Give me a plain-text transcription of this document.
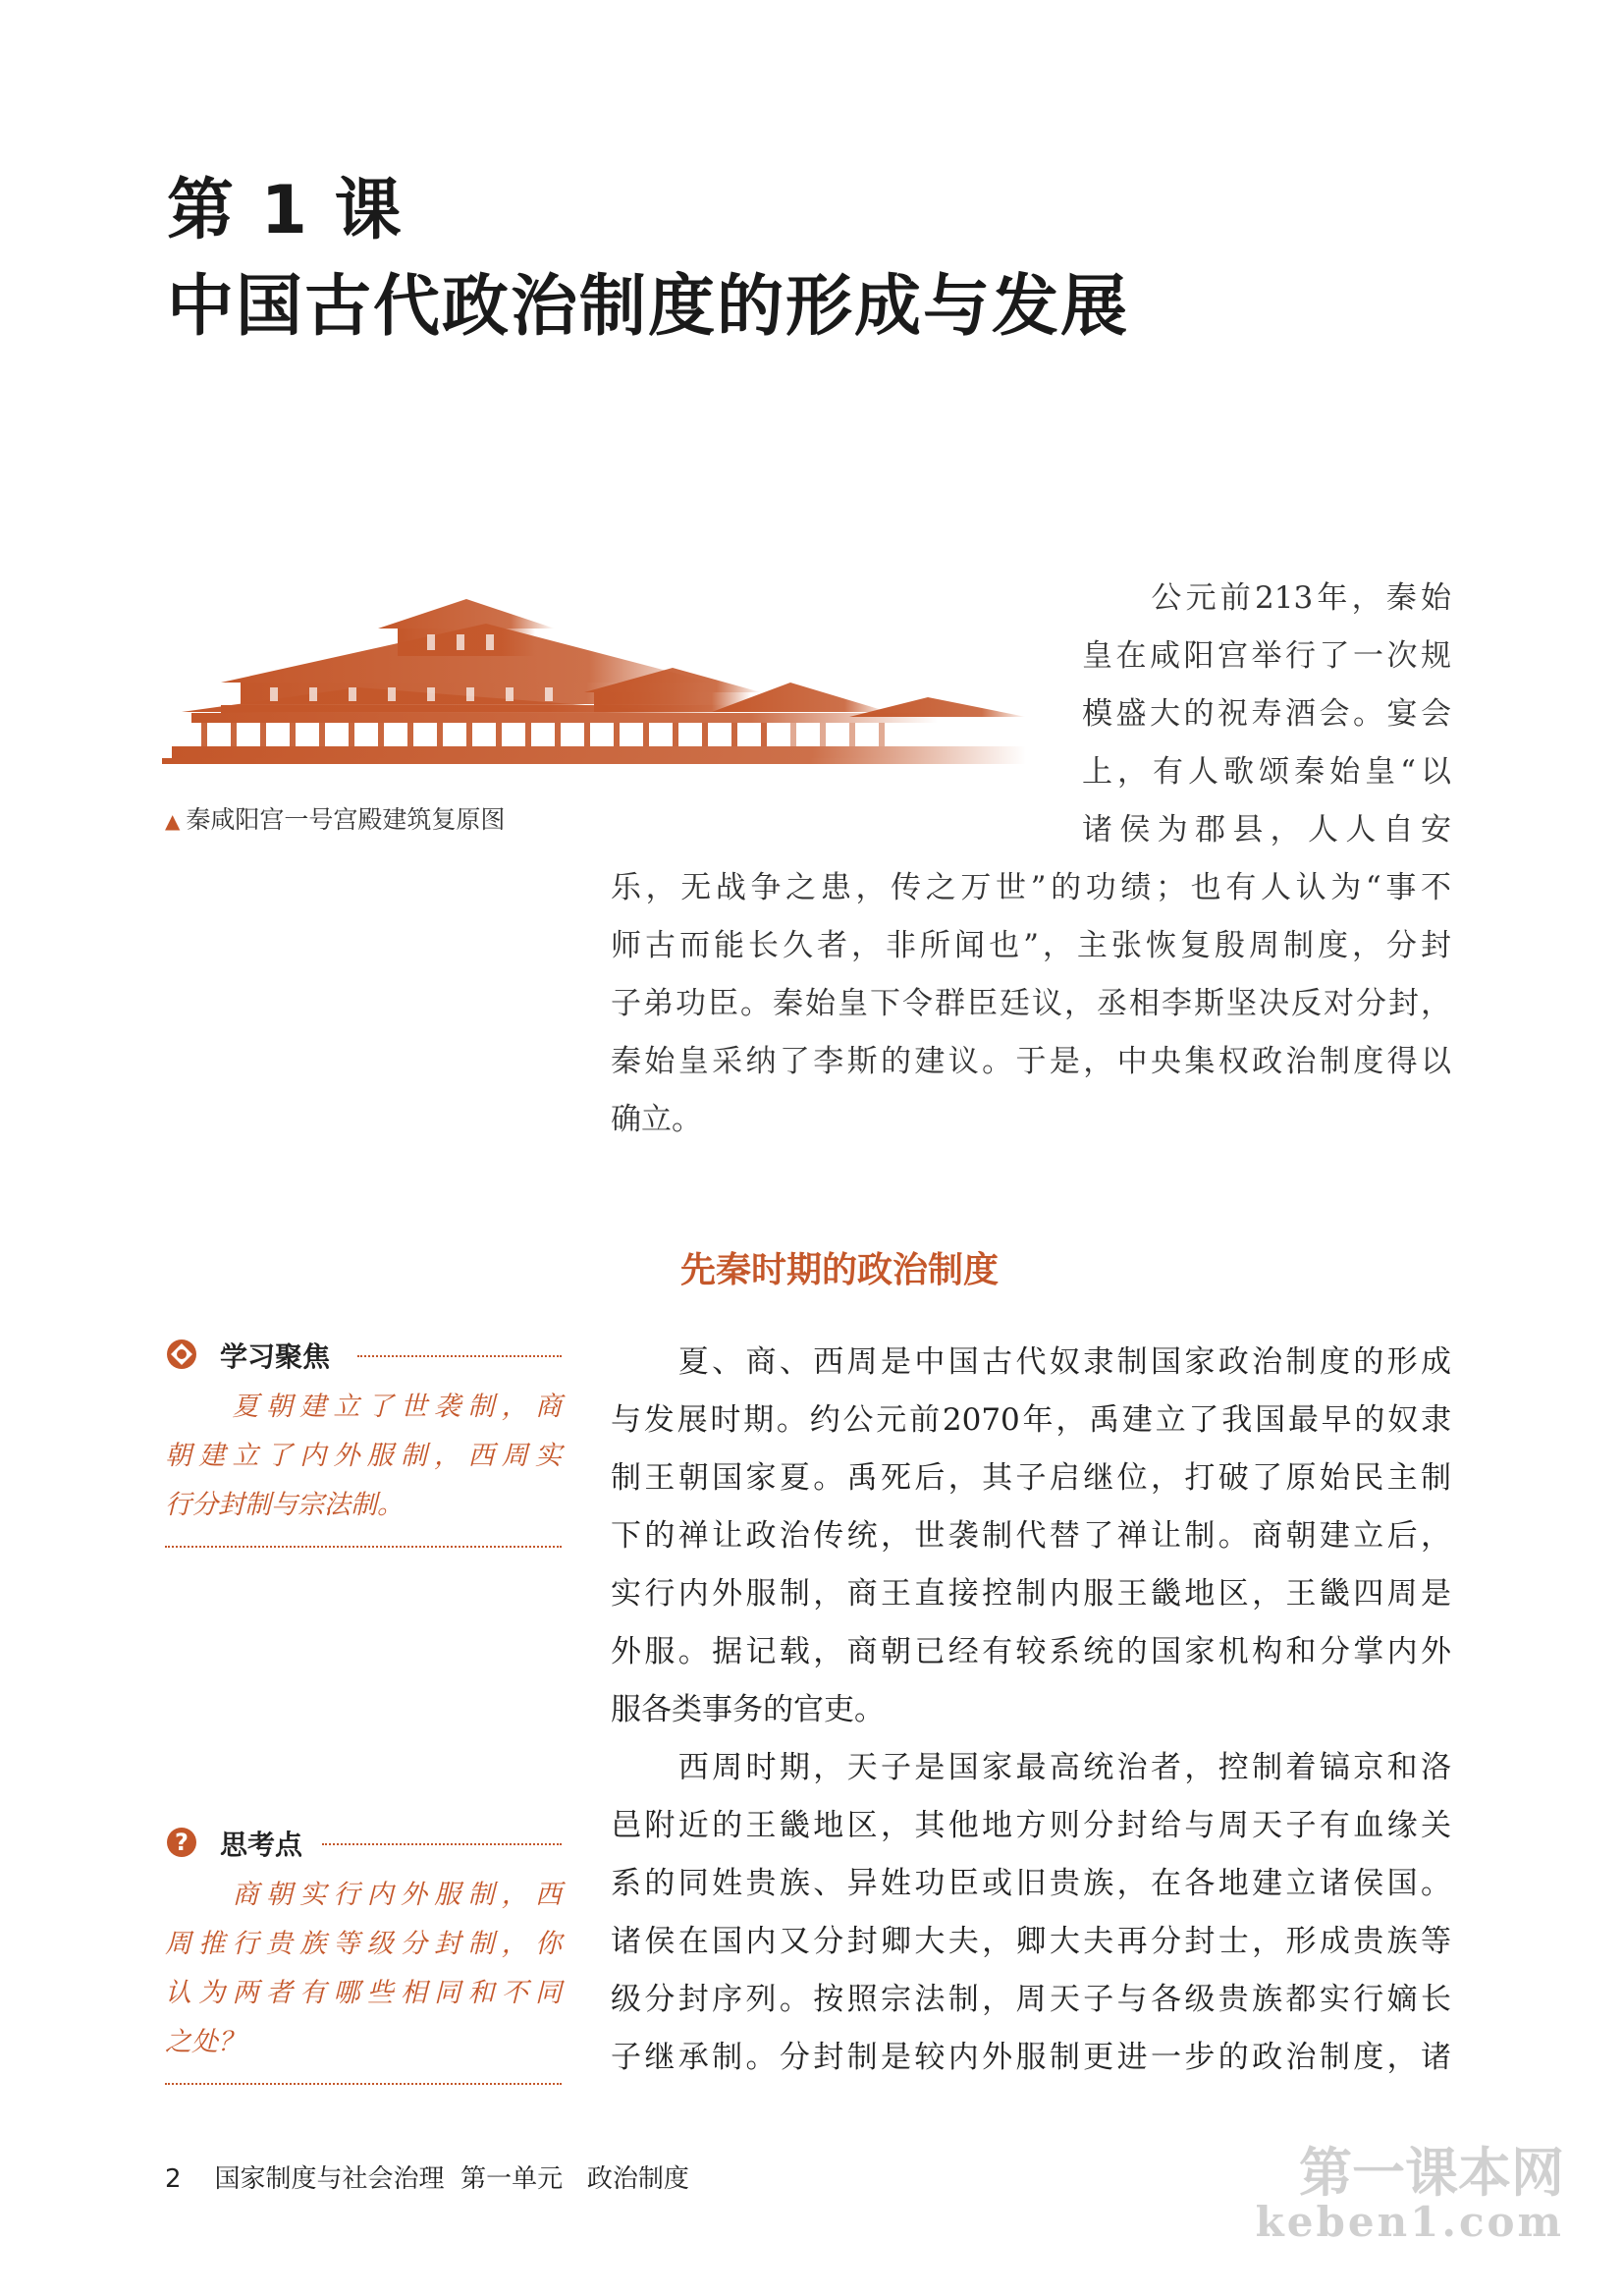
第 1 课
中国古代政治制度的形成与发展
▲ 秦咸阳宫一号宫殿建筑复原图
　　公元前213年，秦始
皇在咸阳宫举行了一次规
模盛大的祝寿酒会。宴会
上，有人歌颂秦始皇“以
诸侯为郡县，人人自安
乐，无战争之患，传之万世”的功绩；也有人认为“事不
师古而能长久者，非所闻也”，主张恢复殷周制度，分封
子弟功臣。秦始皇下令群臣廷议，丞相李斯坚决反对分封，
秦始皇采纳了李斯的建议。于是，中央集权政治制度得以
确立。
先秦时期的政治制度
　　夏、商、西周是中国古代奴隶制国家政治制度的形成
与发展时期。约公元前2070年，禹建立了我国最早的奴隶
制王朝国家夏。禹死后，其子启继位，打破了原始民主制
下的禅让政治传统，世袭制代替了禅让制。商朝建立后，
实行内外服制，商王直接控制内服王畿地区，王畿四周是
外服。据记载，商朝已经有较系统的国家机构和分掌内外
服各类事务的官吏。
　　西周时期，天子是国家最高统治者，控制着镐京和洛
邑附近的王畿地区，其他地方则分封给与周天子有血缘关
系的同姓贵族、异姓功臣或旧贵族，在各地建立诸侯国。
诸侯在国内又分封卿大夫，卿大夫再分封士，形成贵族等
级分封序列。按照宗法制，周天子与各级贵族都实行嫡长
子继承制。分封制是较内外服制更进一步的政治制度，诸
学习聚焦
　　夏朝建立了世袭制，商
朝建立了内外服制，西周实
行分封制与宗法制。
? 思考点
　　商朝实行内外服制，西
周推行贵族等级分封制，你
认为两者有哪些相同和不同
之处？
2 国家制度与社会治理  第一单元   政治制度	第一课本网
keben1.com
